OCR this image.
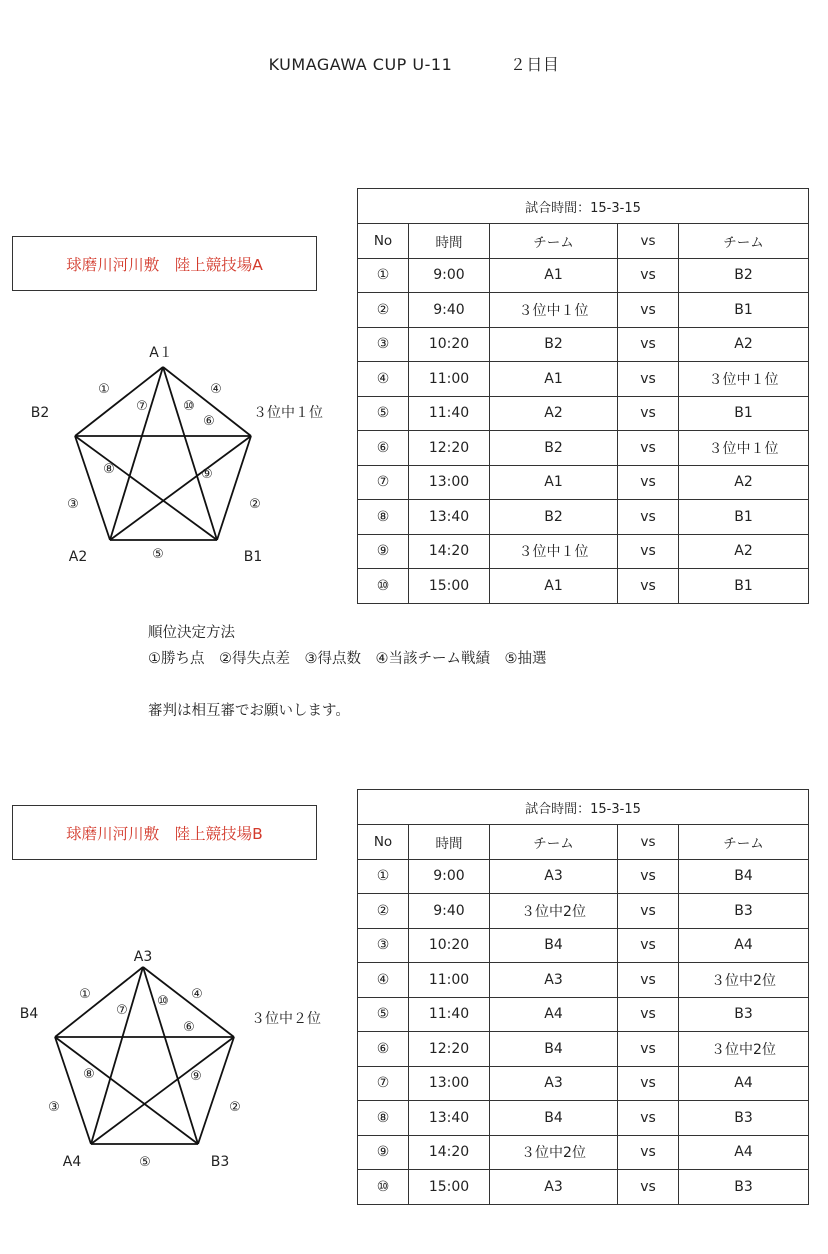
KUMAGAWA CUP U-11	２日目
球磨川河川敷　陸上競技場A
試合時間：15-3-15				
No	時間	チーム	vs	チーム
①	9:00	A1	vs	B2
②	9:40	３位中１位	vs	B1
③	10:20	B2	vs	A2
④	11:00	A1	vs	３位中１位
⑤	11:40	A2	vs	B1
⑥	12:20	B2	vs	３位中１位
⑦	13:00	A1	vs	A2
⑧	13:40	B2	vs	B1
⑨	14:20	３位中１位	vs	A2
⑩	15:00	A1	vs	B1
A１
B2	３位中１位
A2	B1
①
②
③
④
⑤
⑥
⑦
⑧	⑨
⑩
順位決定方法
①勝ち点　②得失点差　③得点数　④当該チーム戦績　⑤抽選
審判は相互審でお願いします。
球磨川河川敷　陸上競技場B
試合時間：15-3-15				
No	時間	チーム	vs	チーム
①	9:00	A3	vs	B4
②	9:40	３位中2位	vs	B3
③	10:20	B4	vs	A4
④	11:00	A3	vs	３位中2位
⑤	11:40	A4	vs	B3
⑥	12:20	B4	vs	３位中2位
⑦	13:00	A3	vs	A4
⑧	13:40	B4	vs	B3
⑨	14:20	３位中2位	vs	A4
⑩	15:00	A3	vs	B3
A3
B4	３位中２位
A4	B3
①
②
③
④
⑤
⑥
⑦
⑧	⑨
⑩
